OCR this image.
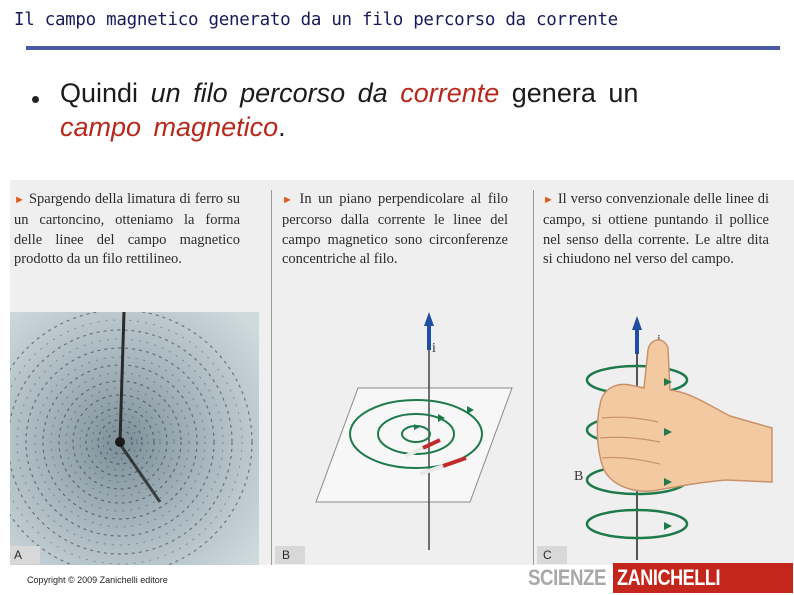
Il campo magnetico generato da un filo percorso da corrente
Quindi un filo percorso da corrente genera un
campo magnetico.
► Spargendo della limatura di ferro su un cartoncino, otteniamo la forma delle linee del campo magnetico prodotto da un filo rettilineo.
► In un piano perpendicolare al filo percorso dalla corrente le linee del campo magnetico sono circonferenze concentriche al filo.
► Il verso convenzionale delle linee di campo, si ottiene puntando il pollice nel senso della corrente. Le altre dita si chiudono nel verso del campo.
i
B
A	B	C
Copyright © 2009 Zanichelli editore	SCIENZE ZANICHELLI
